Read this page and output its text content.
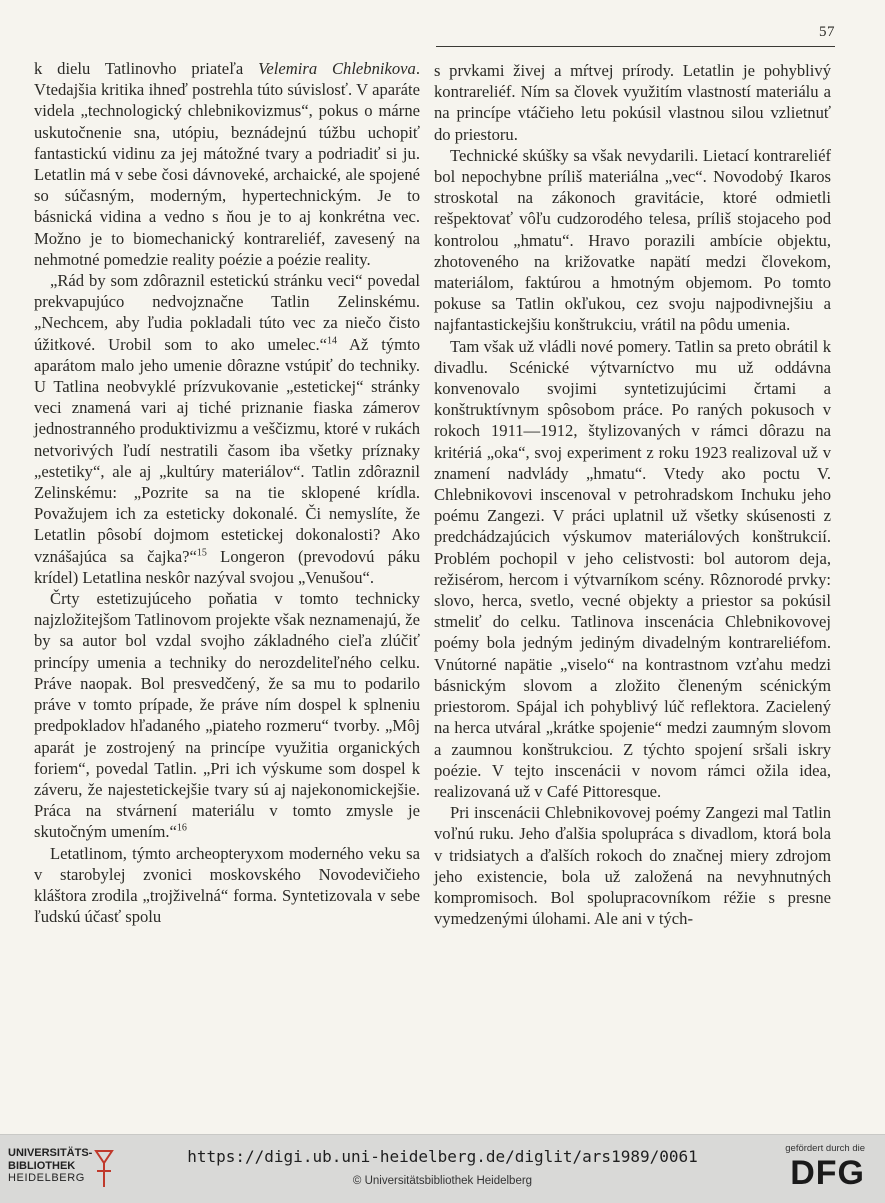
57

k dielu Tatlinovho priateľa Velemira Chlebnikova. Vtedajšia kritika ihneď postrehla túto súvislosť. V aparáte videla „technologický chlebnikovizmus“, pokus o márne uskutočnenie sna, utópiu, beznádejnú túžbu uchopiť fantastickú vidinu za jej mátožné tvary a podriadiť si ju. Letatlin má v sebe čosi dávnoveké, archaické, ale spojené so súčasným, moderným, hypertechnickým. Je to básnická vidina a vedno s ňou je to aj konkrétna vec. Možno je to biomechanický kontrareliéf, zavesený na nehmotné pomedzie reality poézie a poézie reality.

„Rád by som zdôraznil estetickú stránku veci“ povedal prekvapujúco nedvojznačne Tatlin Zelinskému. „Nechcem, aby ľudia pokladali túto vec za niečo čisto úžitkové. Urobil som to ako umelec.“$^{14}$ Až týmto aparátom malo jeho umenie dôrazne vstúpiť do techniky. U Tatlina neobvyklé prízvukovanie „estetickej“ stránky veci znamená vari aj tiché priznanie fiaska zámerov jednostranného produktivizmu a veščizmu, ktoré v rukách netvorivých ľudí nestratili časom iba všetky príznaky „estetiky“, ale aj „kultúry materiálov“. Tatlin zdôraznil Zelinskému: „Pozrite sa na tie sklopené krídla. Považujem ich za esteticky dokonalé. Či nemyslíte, že Letatlin pôsobí dojmom estetickej dokonalosti? Ako vznášajúca sa čajka?“$^{15}$ Longeron (prevodovú páku krídel) Letatlina neskôr nazýval svojou „Venušou“.

Črty estetizujúceho poňatia v tomto technicky najzložitejšom Tatlinovom projekte však neznamenajú, že by sa autor bol vzdal svojho základného cieľa zlúčiť princípy umenia a techniky do nerozdeliteľného celku. Práve naopak. Bol presvedčený, že sa mu to podarilo práve v tomto prípade, že práve ním dospel k splneniu predpokladov hľadaného „piateho rozmeru“ tvorby. „Môj aparát je zostrojený na princípe využitia organických foriem“, povedal Tatlin. „Pri ich výskume som dospel k záveru, že najestetickejšie tvary sú aj najekonomickejšie. Práca na stvárnení materiálu v tomto zmysle je skutočným umením.“$^{16}$

Letatlinom, týmto archeopteryxom moderného veku sa v starobylej zvonici moskovského Novodevičieho kláštora zrodila „trojživelná“ forma. Syntetizovala v sebe ľudskú účasť spolu

s prvkami živej a mŕtvej prírody. Letatlin je pohyblivý kontrareliéf. Ním sa človek využitím vlastností materiálu a na princípe vtáčieho letu pokúsil vlastnou silou vzlietnuť do priestoru.

Technické skúšky sa však nevydarili. Lietací kontrareliéf bol nepochybne príliš materiálna „vec“. Novodobý Ikaros stroskotal na zákonoch gravitácie, ktoré odmietli rešpektovať vôľu cudzorodého telesa, príliš stojaceho pod kontrolou „hmatu“. Hravo porazili ambície objektu, zhotoveného na križovatke napätí medzi človekom, materiálom, faktúrou a hmotným objemom. Po tomto pokuse sa Tatlin okľukou, cez svoju najpodivnejšiu a najfantastickejšiu konštrukciu, vrátil na pôdu umenia.

Tam však už vládli nové pomery. Tatlin sa preto obrátil k divadlu. Scénické výtvarníctvo mu už oddávna konvenovalo svojimi syntetizujúcimi črtami a konštruktívnym spôsobom práce. Po raných pokusoch v rokoch 1911—1912, štylizovaných v rámci dôrazu na kritériá „oka“, svoj experiment z roku 1923 realizoval už v znamení nadvlády „hmatu“. Vtedy ako poctu V. Chlebnikovovi inscenoval v petrohradskom Inchuku jeho poému Zangezi. V práci uplatnil už všetky skúsenosti z predchádzajúcich výskumov materiálových konštrukcií. Problém pochopil v jeho celistvosti: bol autorom deja, režisérom, hercom i výtvarníkom scény. Rôznorodé prvky: slovo, herca, svetlo, vecné objekty a priestor sa pokúsil stmeliť do celku. Tatlinova inscenácia Chlebnikovovej poémy bola jedným jediným divadelným kontrareliéfom. Vnútorné napätie „viselo“ na kontrastnom vzťahu medzi básnickým slovom a zložito členeným scénickým priestorom. Spájal ich pohyblivý lúč reflektora. Zacielený na herca utváral „krátke spojenie“ medzi zaumným slovom a zaumnou konštrukciou. Z týchto spojení sršali iskry poézie. V tejto inscenácii v novom rámci ožila idea, realizovaná už v Café Pittoresque.

Pri inscenácii Chlebnikovovej poémy Zangezi mal Tatlin voľnú ruku. Jeho ďalšia spolupráca s divadlom, ktorá bola v tridsiatych a ďalších rokoch do značnej miery zdrojom jeho existencie, bola už založená na nevyhnutných kompromisoch. Bol spolupracovníkom réžie s presne vymedzenými úlohami. Ale ani v tých-

UNIVERSITÄTS-
BIBLIOTHEK
HEIDELBERG
https://digi.ub.uni-heidelberg.de/diglit/ars1989/0061
© Universitätsbibliothek Heidelberg
gefördert durch die
DFG
